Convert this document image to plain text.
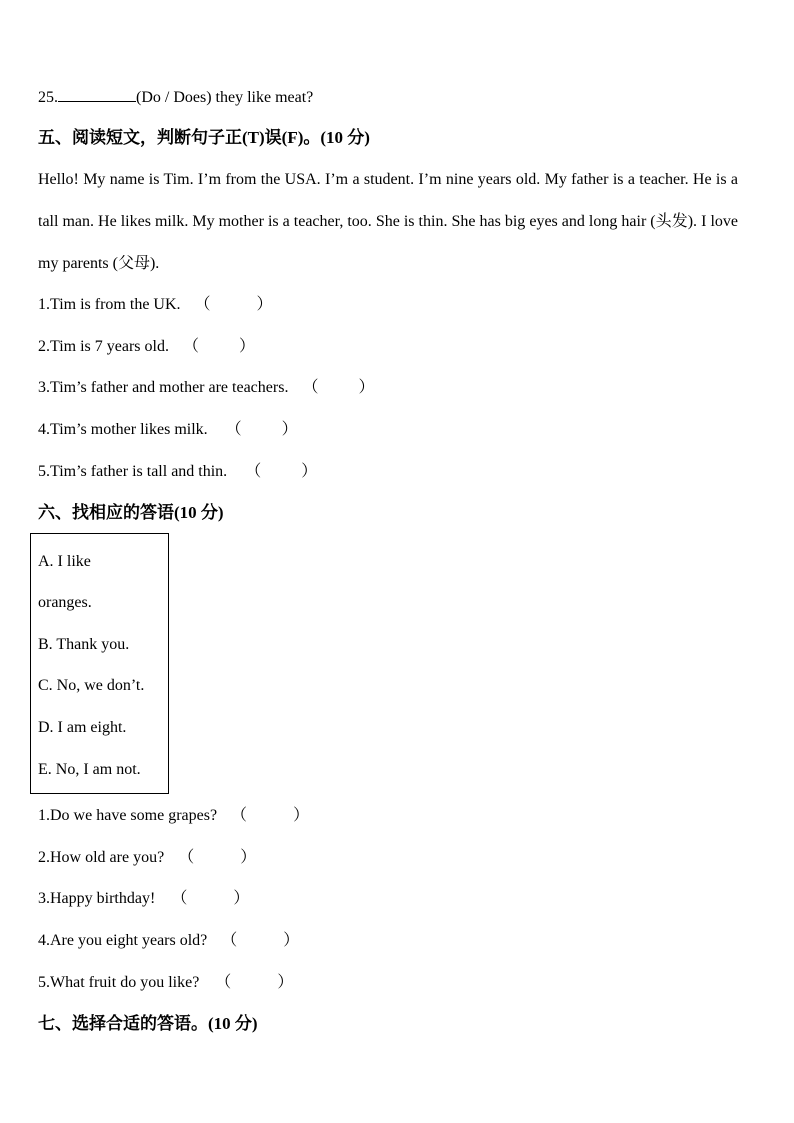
25.	(Do / Does) they like meat?
五、阅读短文，判断句子正(T)误(F)。(10 分)
Hello! My name is Tim. I’m from the USA. I’m a student. I’m nine years old. My father is a teacher. He is a tall man. He likes milk. My mother is a teacher, too. She is thin. She has big eyes and long hair (头发). I love my parents (父母).
1.Tim is from the UK. （	）
2.Tim is 7 years old. （	）
3.Tim’s father and mother are teachers. （	）
4.Tim’s mother likes milk. （	）
5.Tim’s father is tall and thin. （	）
六、找相应的答语(10 分)
1.Do we have some grapes? （	）
2.How old are you? （	）
3.Happy birthday! （	）
4.Are you eight years old? （	）
5.What fruit do you like? （	）
七、选择合适的答语。(10 分)
A. I like
oranges.
B. Thank you.
C. No, we don’t.
D. I am eight.
E. No, I am not.
